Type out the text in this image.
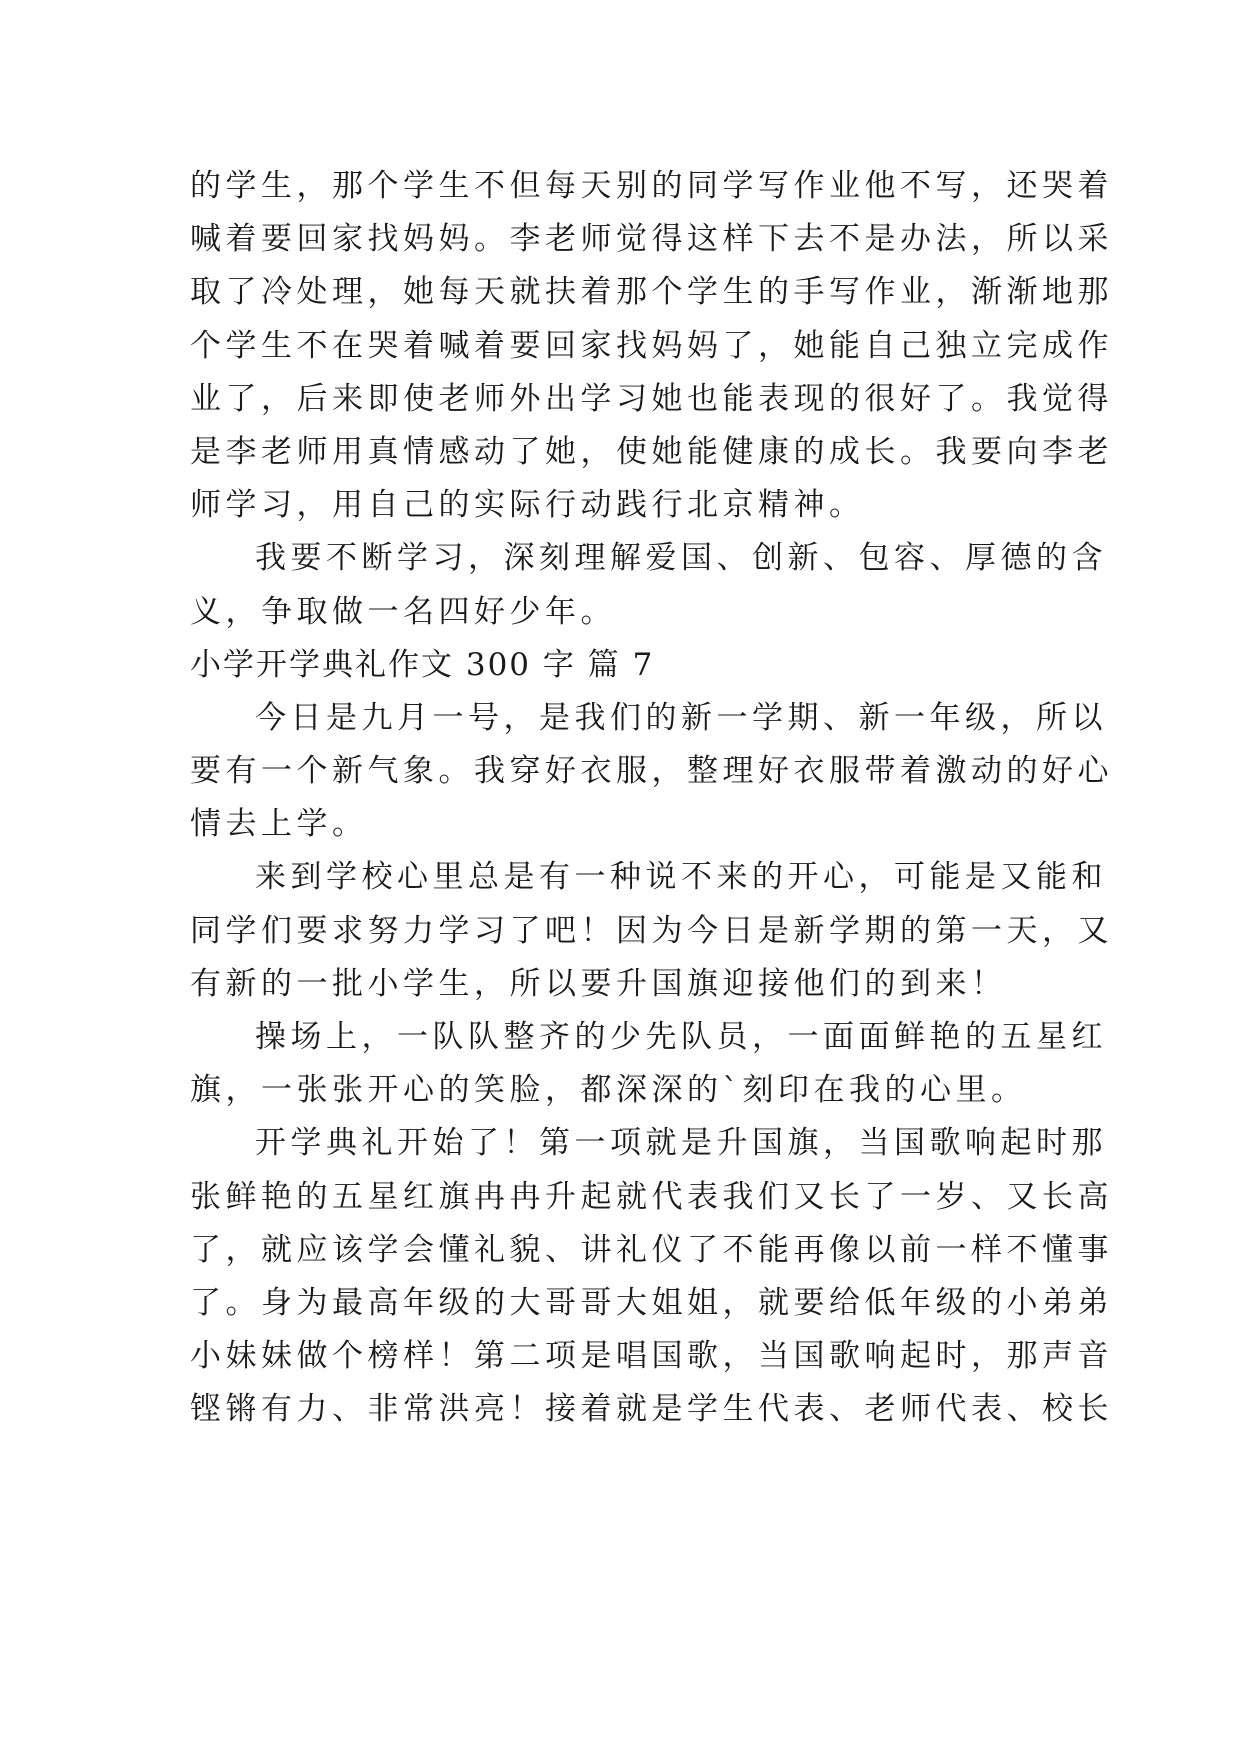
的学生，那个学生不但每天别的同学写作业他不写，还哭着
喊着要回家找妈妈。李老师觉得这样下去不是办法，所以采
取了冷处理，她每天就扶着那个学生的手写作业，渐渐地那
个学生不在哭着喊着要回家找妈妈了，她能自己独立完成作
业了，后来即使老师外出学习她也能表现的很好了。我觉得
是李老师用真情感动了她，使她能健康的成长。我要向李老
师学习，用自己的实际行动践行北京精神。
我要不断学习，深刻理解爱国、创新、包容、厚德的含
义，争取做一名四好少年。
小学开学典礼作文 300 字 篇 7
今日是九月一号，是我们的新一学期、新一年级，所以
要有一个新气象。我穿好衣服，整理好衣服带着激动的好心
情去上学。
来到学校心里总是有一种说不来的开心，可能是又能和
同学们要求努力学习了吧！因为今日是新学期的第一天，又
有新的一批小学生，所以要升国旗迎接他们的到来！
操场上，一队队整齐的少先队员，一面面鲜艳的五星红
旗，一张张开心的笑脸，都深深的`刻印在我的心里。
开学典礼开始了！第一项就是升国旗，当国歌响起时那
张鲜艳的五星红旗冉冉升起就代表我们又长了一岁、又长高
了，就应该学会懂礼貌、讲礼仪了不能再像以前一样不懂事
了。身为最高年级的大哥哥大姐姐，就要给低年级的小弟弟
小妹妹做个榜样！第二项是唱国歌，当国歌响起时，那声音
铿锵有力、非常洪亮！接着就是学生代表、老师代表、校长
